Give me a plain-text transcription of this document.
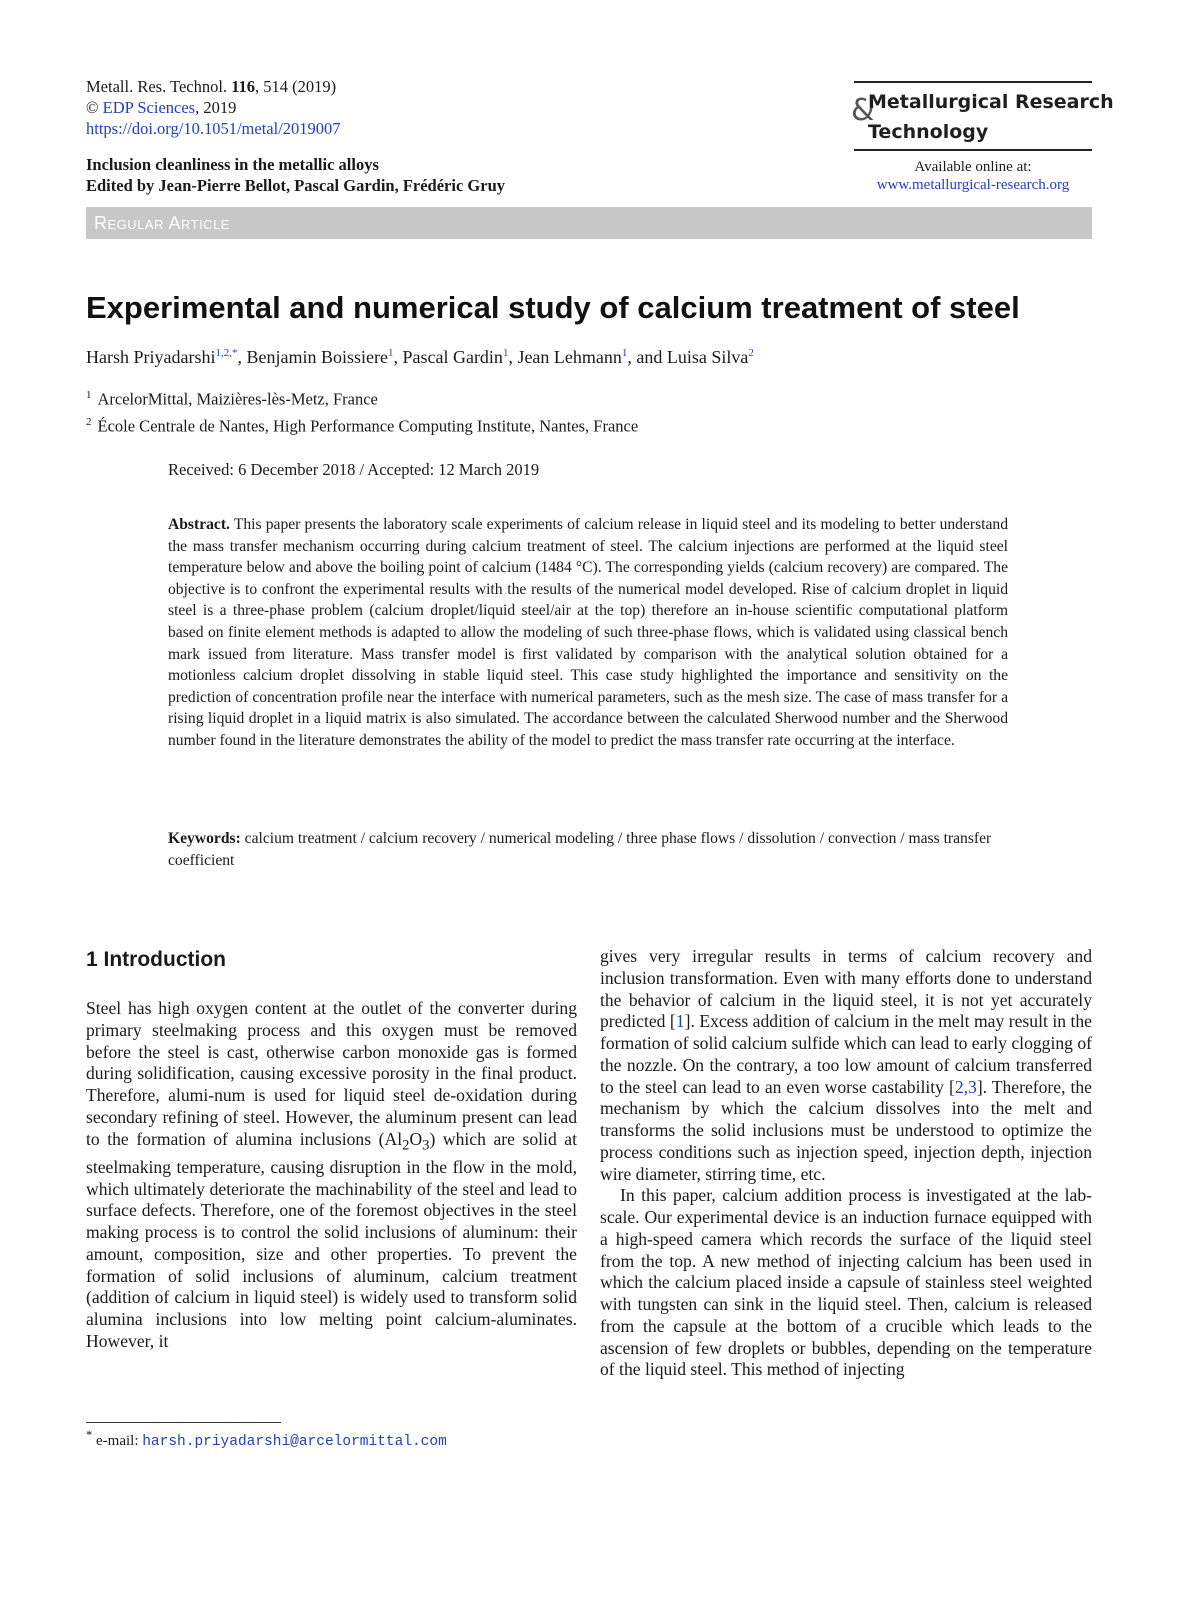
Metall. Res. Technol. 116, 514 (2019)
© EDP Sciences, 2019
https://doi.org/10.1051/metal/2019007
Inclusion cleanliness in the metallic alloys
Edited by Jean-Pierre Bellot, Pascal Gardin, Frédéric Gruy
&
Metallurgical Research
Technology
Available online at:
www.metallurgical-research.org
Regular Article
Experimental and numerical study of calcium treatment of steel
Harsh Priyadarshi$^{1,2,*}$, Benjamin Boissiere$^1$, Pascal Gardin$^1$, Jean Lehmann$^1$, and Luisa Silva$^2$
$^1$ ArcelorMittal, Maizières-lès-Metz, France
$^2$ École Centrale de Nantes, High Performance Computing Institute, Nantes, France
Received: 6 December 2018 / Accepted: 12 March 2019
Abstract. This paper presents the laboratory scale experiments of calcium release in liquid steel and its modeling to better understand the mass transfer mechanism occurring during calcium treatment of steel. The calcium injections are performed at the liquid steel temperature below and above the boiling point of calcium (1484 °C). The corresponding yields (calcium recovery) are compared. The objective is to confront the experimental results with the results of the numerical model developed. Rise of calcium droplet in liquid steel is a three-phase problem (calcium droplet/liquid steel/air at the top) therefore an in-house scientific computational platform based on finite element methods is adapted to allow the modeling of such three-phase flows, which is validated using classical bench mark issued from literature. Mass transfer model is first validated by comparison with the analytical solution obtained for a motionless calcium droplet dissolving in stable liquid steel. This case study highlighted the importance and sensitivity on the prediction of concentration profile near the interface with numerical parameters, such as the mesh size. The case of mass transfer for a rising liquid droplet in a liquid matrix is also simulated. The accordance between the calculated Sherwood number and the Sherwood number found in the literature demonstrates the ability of the model to predict the mass transfer rate occurring at the interface.
Keywords: calcium treatment / calcium recovery / numerical modeling / three phase flows / dissolution / convection / mass transfer coefficient
1 Introduction
Steel has high oxygen content at the outlet of the converter during primary steelmaking process and this oxygen must be removed before the steel is cast, otherwise carbon monoxide gas is formed during solidification, causing excessive porosity in the final product. Therefore, alumi-num is used for liquid steel de-oxidation during secondary refining of steel. However, the aluminum present can lead to the formation of alumina inclusions $(Al_2O_3)$ which are solid at steelmaking temperature, causing disruption in the flow in the mold, which ultimately deteriorate the machinability of the steel and lead to surface defects. Therefore, one of the foremost objectives in the steel making process is to control the solid inclusions of aluminum: their amount, composition, size and other properties. To prevent the formation of solid inclusions of aluminum, calcium treatment (addition of calcium in liquid steel) is widely used to transform solid alumina inclusions into low melting point calcium-aluminates. However, it

gives very irregular results in terms of calcium recovery and inclusion transformation. Even with many efforts done to understand the behavior of calcium in the liquid steel, it is not yet accurately predicted [1]. Excess addition of calcium in the melt may result in the formation of solid calcium sulfide which can lead to early clogging of the nozzle. On the contrary, a too low amount of calcium transferred to the steel can lead to an even worse castability [2,3]. Therefore, the mechanism by which the calcium dissolves into the melt and transforms the solid inclusions must be understood to optimize the process conditions such as injection speed, injection depth, injection wire diameter, stirring time, etc.

In this paper, calcium addition process is investigated at the lab-scale. Our experimental device is an induction furnace equipped with a high-speed camera which records the surface of the liquid steel from the top. A new method of injecting calcium has been used in which the calcium placed inside a capsule of stainless steel weighted with tungsten can sink in the liquid steel. Then, calcium is released from the capsule at the bottom of a crucible which leads to the ascension of few droplets or bubbles, depending on the temperature of the liquid steel. This method of injecting

* e-mail: harsh.priyadarshi@arcelormittal.com
